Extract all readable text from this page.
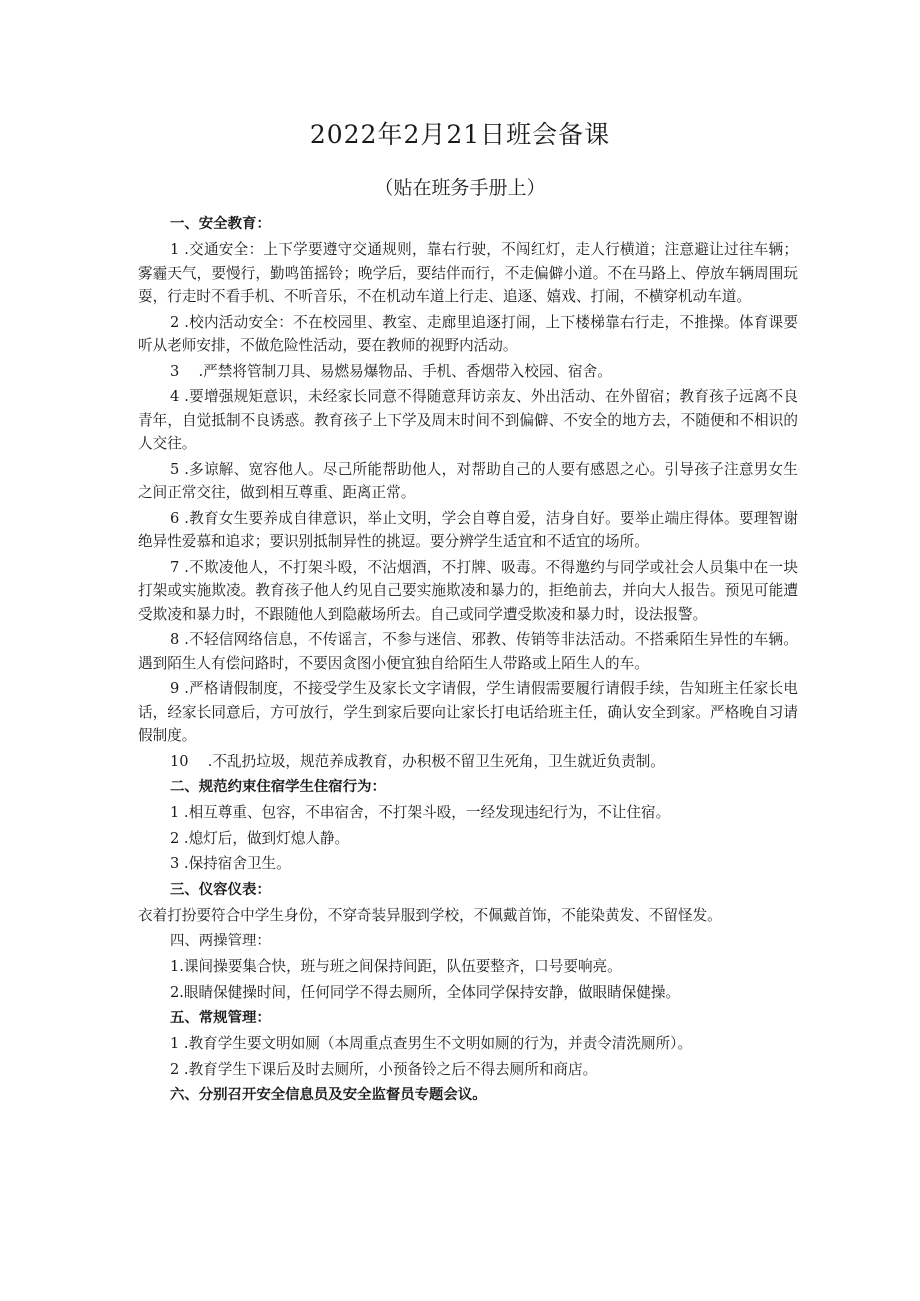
2022年2月21日班会备课
（贴在班务手册上）
一、安全教育：

1 .交通安全：上下学要遵守交通规则，靠右行驶，不闯红灯，走人行横道；注意避让过往车辆；雾霾天气，要慢行，勤鸣笛摇铃；晚学后，要结伴而行，不走偏僻小道。不在马路上、停放车辆周围玩耍，行走时不看手机、不听音乐，不在机动车道上行走、追逐、嬉戏、打闹，不横穿机动车道。

2 .校内活动安全：不在校园里、教室、走廊里追逐打闹，上下楼梯靠右行走，不推操。体育课要听从老师安排，不做危险性活动，要在教师的视野内活动。

3 　.严禁将管制刀具、易燃易爆物品、手机、香烟带入校园、宿舍。

4 .要增强规矩意识，未经家长同意不得随意拜访亲友、外出活动、在外留宿；教育孩子远离不良青年，自觉抵制不良诱惑。教育孩子上下学及周末时间不到偏僻、不安全的地方去，不随便和不相识的人交往。

5 .多谅解、宽容他人。尽己所能帮助他人，对帮助自己的人要有感恩之心。引导孩子注意男女生之间正常交往，做到相互尊重、距离正常。

6 .教育女生要养成自律意识，举止文明，学会自尊自爱，洁身自好。要举止端庄得体。要理智谢绝异性爱慕和追求；要识别抵制异性的挑逗。要分辨学生适宜和不适宜的场所。

7 .不欺凌他人，不打架斗殴，不沾烟酒，不打牌、吸毒。不得邀约与同学或社会人员集中在一块打架或实施欺凌。教育孩子他人约见自己要实施欺凌和暴力的，拒绝前去，并向大人报告。预见可能遭受欺凌和暴力时，不跟随他人到隐蔽场所去。自己或同学遭受欺凌和暴力时，设法报警。

8 .不轻信网络信息，不传谣言，不参与迷信、邪教、传销等非法活动。不搭乘陌生异性的车辆。遇到陌生人有偿问路时，不要因贪图小便宜独自给陌生人带路或上陌生人的车。

9 .严格请假制度，不接受学生及家长文字请假，学生请假需要履行请假手续，告知班主任家长电话，经家长同意后，方可放行，学生到家后要向让家长打电话给班主任，确认安全到家。严格晚自习请假制度。

10 　.不乱扔垃圾，规范养成教育，办积极不留卫生死角，卫生就近负责制。

二、规范约束住宿学生住宿行为：

1 .相互尊重、包容，不串宿舍，不打架斗殴，一经发现违纪行为，不让住宿。

2 .熄灯后，做到灯熄人静。

3 .保持宿舍卫生。

三、仪容仪表：

衣着打扮要符合中学生身份，不穿奇装异服到学校，不佩戴首饰，不能染黄发、不留怪发。

四、两操管理：

1.课间操要集合快，班与班之间保持间距，队伍要整齐，口号要响亮。

2.眼睛保健操时间，任何同学不得去厕所，全体同学保持安静，做眼睛保健操。

五、常规管理：

1 .教育学生要文明如厕（本周重点查男生不文明如厕的行为，并责令清洗厕所）。

2 .教育学生下课后及时去厕所，小预备铃之后不得去厕所和商店。

六、分别召开安全信息员及安全监督员专题会议。
